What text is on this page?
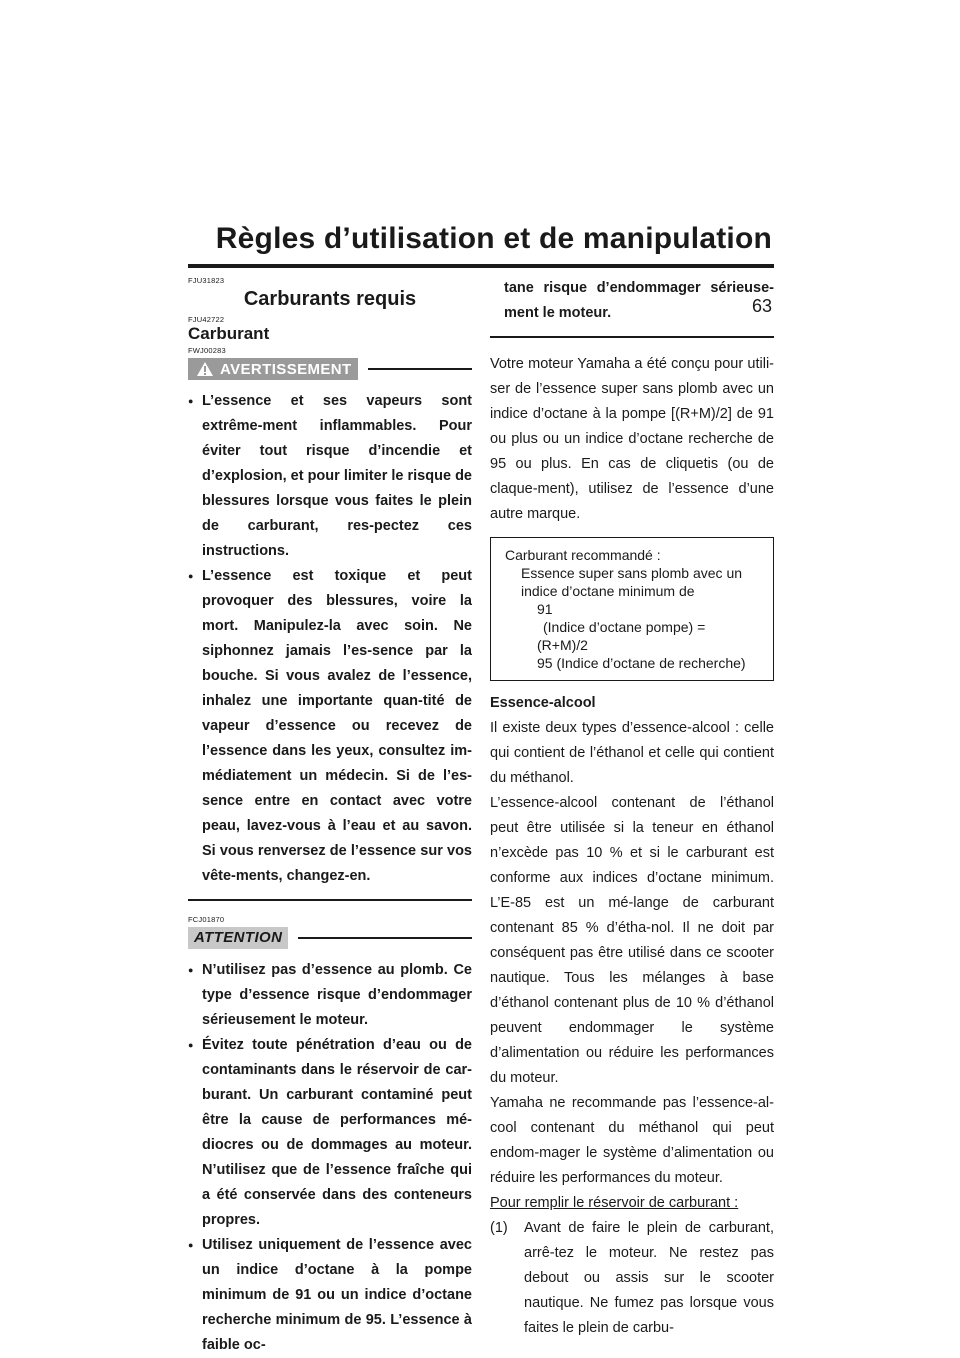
Règles d’utilisation et de manipulation
63
FJU31823
Carburants requis
FJU42722
Carburant
FWJ00283
AVERTISSEMENT
● L’essence et ses vapeurs sont extrême-ment inflammables. Pour éviter tout risque d’incendie et d’explosion, et pour limiter le risque de blessures lorsque vous faites le plein de carburant, res-pectez ces instructions.
● L’essence est toxique et peut provoquer des blessures, voire la mort. Manipulez-la avec soin. Ne siphonnez jamais l’es-sence par la bouche. Si vous avalez de l’essence, inhalez une importante quan-tité de vapeur d’essence ou recevez de l’essence dans les yeux, consultez im-médiatement un médecin. Si de l’es-sence entre en contact avec votre peau, lavez-vous à l’eau et au savon. Si vous renversez de l’essence sur vos vête-ments, changez-en.
FCJ01870
ATTENTION
● N’utilisez pas d’essence au plomb. Ce type d’essence risque d’endommager sérieusement le moteur.
● Évitez toute pénétration d’eau ou de contaminants dans le réservoir de car-burant. Un carburant contaminé peut être la cause de performances mé-diocres ou de dommages au moteur. N’utilisez que de l’essence fraîche qui a été conservée dans des conteneurs propres.
● Utilisez uniquement de l’essence avec un indice d’octane à la pompe minimum de 91 ou un indice d’octane recherche minimum de 95. L’essence à faible oc-
tane risque d’endommager sérieuse-ment le moteur.

Votre moteur Yamaha a été conçu pour utili-ser de l’essence super sans plomb avec un indice d’octane à la pompe [(R+M)/2] de 91 ou plus ou un indice d’octane recherche de 95 ou plus. En cas de cliquetis (ou de claque-ment), utilisez de l’essence d’une autre marque.

Carburant recommandé :
Essence super sans plomb avec un
indice d’octane minimum de
91
(Indice d’octane pompe) =
(R+M)/2
95 (Indice d’octane de recherche)

Essence-alcool

Il existe deux types d’essence-alcool : celle qui contient de l’éthanol et celle qui contient du méthanol.

L’essence-alcool contenant de l’éthanol peut être utilisée si la teneur en éthanol n’excède pas 10 % et si le carburant est conforme aux indices d’octane minimum. L’E-85 est un mé-lange de carburant contenant 85 % d’étha-nol. Il ne doit par conséquent pas être utilisé dans ce scooter nautique. Tous les mélanges à base d’éthanol contenant plus de 10 % d’éthanol peuvent endommager le système d’alimentation ou réduire les performances du moteur.

Yamaha ne recommande pas l’essence-al-cool contenant du méthanol qui peut endom-mager le système d’alimentation ou réduire les performances du moteur.

Pour remplir le réservoir de carburant :

(1)	Avant de faire le plein de carburant, arrê-tez le moteur. Ne restez pas debout ou assis sur le scooter nautique. Ne fumez pas lorsque vous faites le plein de carbu-
